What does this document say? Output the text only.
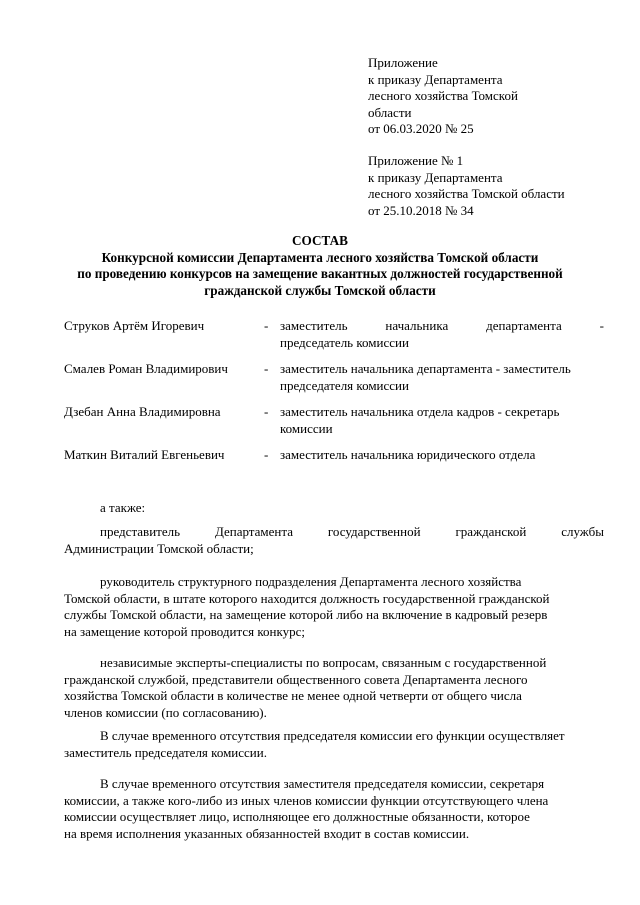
Приложение
к приказу Департамента
лесного хозяйства Томской
области
от 06.03.2020 № 25
Приложение № 1
к приказу Департамента
лесного хозяйства Томской области
от 25.10.2018 № 34
СОСТАВ
Конкурсной комиссии Департамента лесного хозяйства Томской области
по проведению конкурсов на замещение вакантных должностей государственной
гражданской службы Томской области
Струков Артём Игоревич	- заместитель	начальника	департамента	-
председатель комиссии
Смалев Роман Владимирович	- заместитель начальника департамента - заместитель
председателя комиссии
Дзебан Анна Владимировна	- заместитель начальника отдела кадров - секретарь
комиссии
Маткин Виталий Евгеньевич	- заместитель начальника юридического отдела
а также:
представитель	Департамента	государственной	гражданской	службы
Администрации Томской области;
руководитель структурного подразделения Департамента лесного хозяйства
Томской области, в штате которого находится должность государственной гражданской
службы Томской области, на замещение которой либо на включение в кадровый резерв
на замещение которой проводится конкурс;
независимые эксперты-специалисты по вопросам, связанным с государственной
гражданской службой, представители общественного совета Департамента лесного
хозяйства Томской области в количестве не менее одной четверти от общего числа
членов комиссии (по согласованию).
В случае временного отсутствия председателя комиссии его функции осуществляет
заместитель председателя комиссии.
В случае временного отсутствия заместителя председателя комиссии, секретаря
комиссии, а также кого-либо из иных членов комиссии функции отсутствующего члена
комиссии осуществляет лицо, исполняющее его должностные обязанности, которое
на время исполнения указанных обязанностей входит в состав комиссии.
